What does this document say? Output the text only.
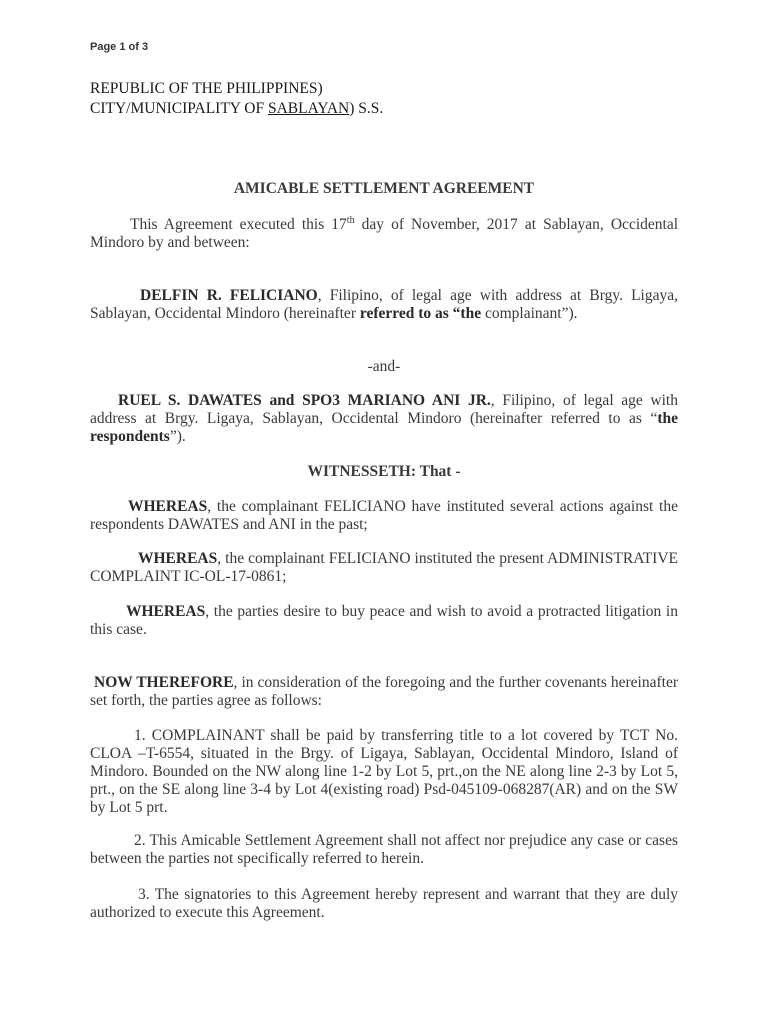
Page 1 of 3
REPUBLIC OF THE PHILIPPINES)
CITY/MUNICIPALITY OF SABLAYAN) S.S.
AMICABLE SETTLEMENT AGREEMENT
This Agreement executed this 17th day of November, 2017 at Sablayan, Occidental Mindoro by and between:
DELFIN R. FELICIANO, Filipino, of legal age with address at Brgy. Ligaya, Sablayan, Occidental Mindoro (hereinafter referred to as “the complainant”).
-and-
RUEL S. DAWATES and SPO3 MARIANO ANI JR., Filipino, of legal age with address at Brgy. Ligaya, Sablayan, Occidental Mindoro (hereinafter referred to as “the respondents”).
WITNESSETH: That -
WHEREAS, the complainant FELICIANO have instituted several actions against the respondents DAWATES and ANI in the past;
WHEREAS, the complainant FELICIANO instituted the present ADMINISTRATIVE COMPLAINT IC-OL-17-0861;
WHEREAS, the parties desire to buy peace and wish to avoid a protracted litigation in this case.
NOW THEREFORE, in consideration of the foregoing and the further covenants hereinafter set forth, the parties agree as follows:
1. COMPLAINANT shall be paid by transferring title to a lot covered by TCT No. CLOA –T-6554, situated in the Brgy. of Ligaya, Sablayan, Occidental Mindoro, Island of Mindoro. Bounded on the NW along line 1-2 by Lot 5, prt.,on the NE along line 2-3 by Lot 5, prt., on the SE along line 3-4 by Lot 4(existing road) Psd-045109-068287(AR) and on the SW by Lot 5 prt.
2. This Amicable Settlement Agreement shall not affect nor prejudice any case or cases between the parties not specifically referred to herein.
3. The signatories to this Agreement hereby represent and warrant that they are duly authorized to execute this Agreement.
